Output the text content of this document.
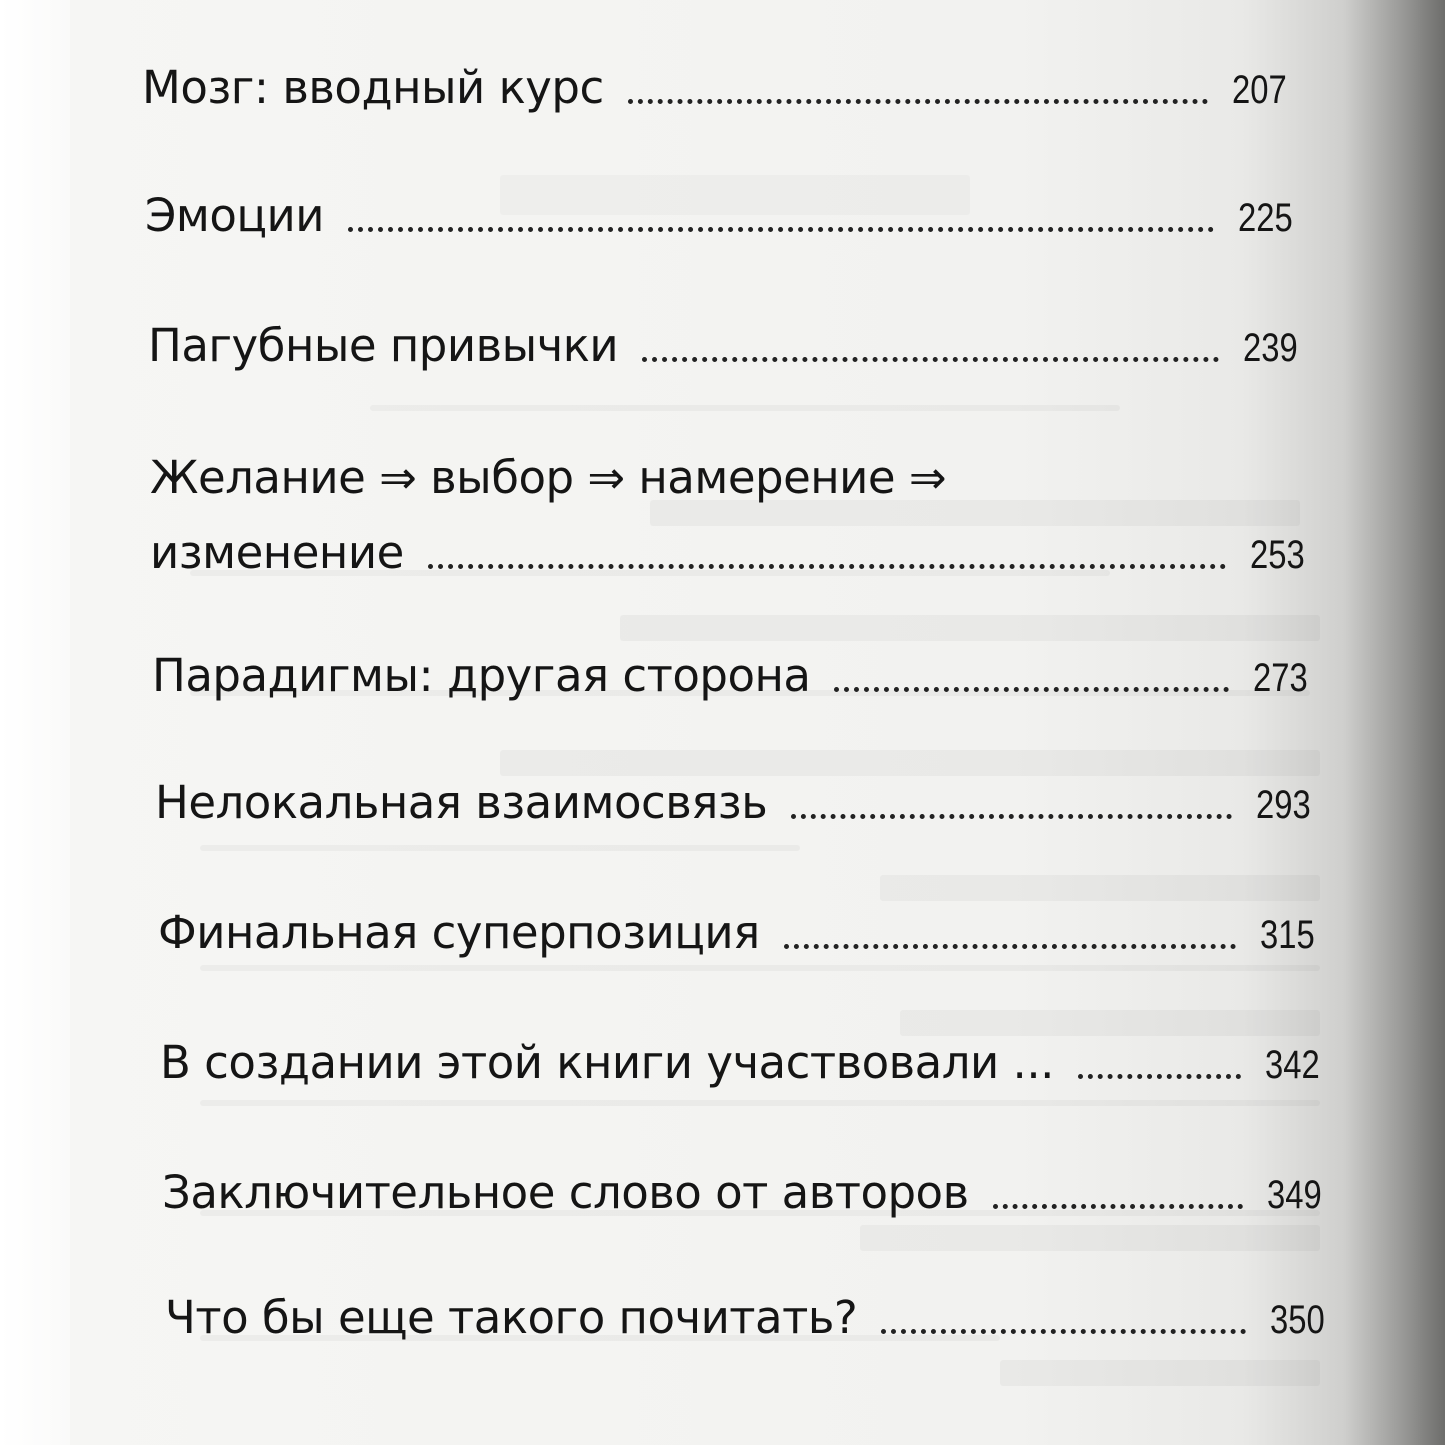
Мозг: вводный курс	207
Эмоции	225
Пагубные привычки	239
Желание ⇒ выбор ⇒ намерение ⇒
изменение	253
Парадигмы: другая сторона	273
Нелокальная взаимосвязь	293
Финальная суперпозиция	315
В создании этой книги участвовали ...	342
Заключительное слово от авторов	349
Что бы еще такого почитать?	350
